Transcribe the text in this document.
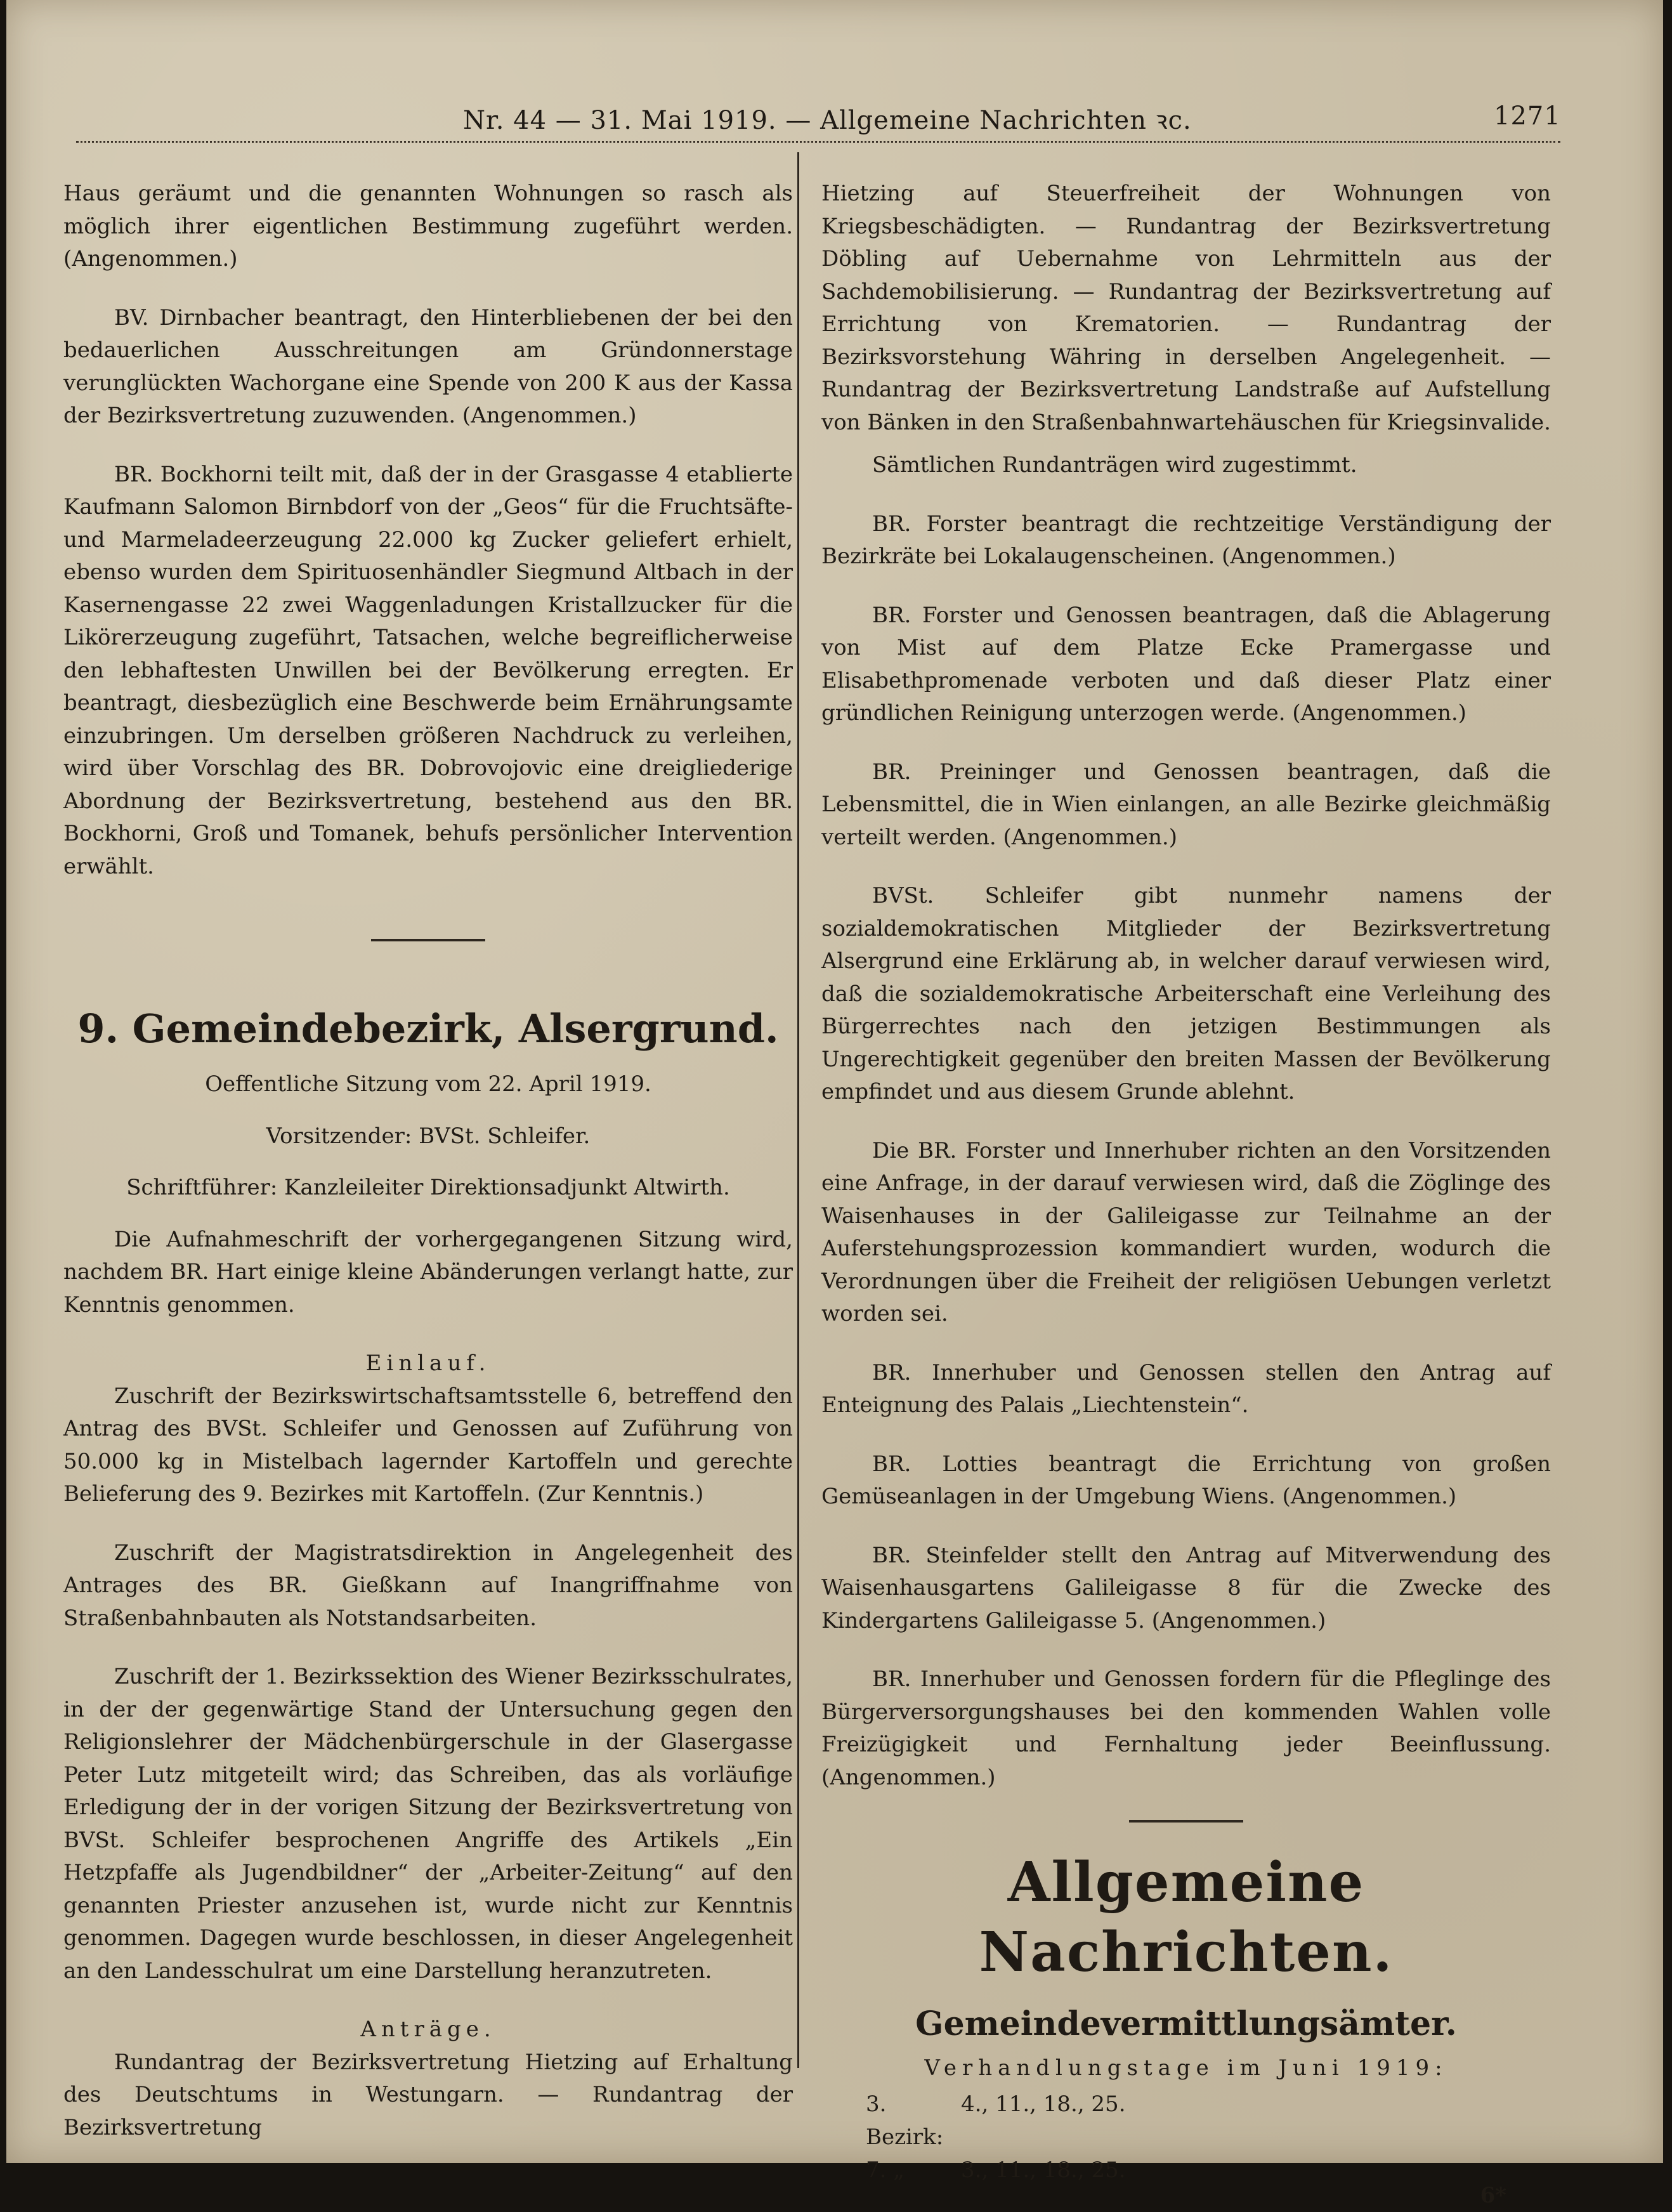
Nr. 44 — 31. Mai 1919. — Allgemeine Nachrichten ꝛc.	1271

Haus geräumt und die genannten Wohnungen so rasch als möglich ihrer eigentlichen Bestimmung zugeführt werden. (Angenommen.)

BV. Dirnbacher beantragt, den Hinterbliebenen der bei den bedauerlichen Ausschreitungen am Gründonnerstage verunglückten Wachorgane eine Spende von 200 K aus der Kassa der Bezirksvertretung zuzuwenden. (Angenommen.)

BR. Bockhorni teilt mit, daß der in der Grasgasse 4 etablierte Kaufmann Salomon Birnbdorf von der „Geos“ für die Fruchtsäfte- und Marmeladeerzeugung 22.000 kg Zucker geliefert erhielt, ebenso wurden dem Spirituosenhändler Siegmund Altbach in der Kasernengasse 22 zwei Waggenladungen Kristallzucker für die Likörerzeugung zugeführt, Tatsachen, welche begreiflicherweise den lebhaftesten Unwillen bei der Bevölkerung erregten. Er beantragt, diesbezüglich eine Beschwerde beim Ernährungsamte einzubringen. Um derselben größeren Nachdruck zu verleihen, wird über Vorschlag des BR. Dobrovojovic eine dreigliederige Abordnung der Bezirksvertretung, bestehend aus den BR. Bockhorni, Groß und Tomanek, behufs persönlicher Intervention erwählt.

9. Gemeindebezirk, Alsergrund.
Oeffentliche Sitzung vom 22. April 1919.
Vorsitzender: BVSt. Schleifer.
Schriftführer: Kanzleileiter Direktionsadjunkt Altwirth.

Die Aufnahmeschrift der vorhergegangenen Sitzung wird, nachdem BR. Hart einige kleine Abänderungen verlangt hatte, zur Kenntnis genommen.

Einlauf.

Zuschrift der Bezirkswirtschaftsamtsstelle 6, betreffend den Antrag des BVSt. Schleifer und Genossen auf Zuführung von 50.000 kg in Mistelbach lagernder Kartoffeln und gerechte Belieferung des 9. Bezirkes mit Kartoffeln. (Zur Kenntnis.)

Zuschrift der Magistratsdirektion in Angelegenheit des Antrages des BR. Gießkann auf Inangriffnahme von Straßenbahnbauten als Notstandsarbeiten.

Zuschrift der 1. Bezirkssektion des Wiener Bezirksschulrates, in der der gegenwärtige Stand der Untersuchung gegen den Religionslehrer der Mädchenbürgerschule in der Glasergasse Peter Lutz mitgeteilt wird; das Schreiben, das als vorläufige Erledigung der in der vorigen Sitzung der Bezirksvertretung von BVSt. Schleifer besprochenen Angriffe des Artikels „Ein Hetzpfaffe als Jugendbildner“ der „Arbeiter-Zeitung“ auf den genannten Priester anzusehen ist, wurde nicht zur Kenntnis genommen. Dagegen wurde beschlossen, in dieser Angelegenheit an den Landesschulrat um eine Darstellung heranzutreten.

Anträge.

Rundantrag der Bezirksvertretung Hietzing auf Erhaltung des Deutschtums in Westungarn. — Rundantrag der Bezirksvertretung

Hietzing auf Steuerfreiheit der Wohnungen von Kriegsbeschädigten. — Rundantrag der Bezirksvertretung Döbling auf Uebernahme von Lehrmitteln aus der Sachdemobilisierung. — Rundantrag der Bezirksvertretung auf Errichtung von Krematorien. — Rundantrag der Bezirksvorstehung Währing in derselben Angelegenheit. — Rundantrag der Bezirksvertretung Landstraße auf Aufstellung von Bänken in den Straßenbahnwartehäuschen für Kriegsinvalide.

Sämtlichen Rundanträgen wird zugestimmt.

BR. Forster beantragt die rechtzeitige Verständigung der Bezirkräte bei Lokalaugenscheinen. (Angenommen.)

BR. Forster und Genossen beantragen, daß die Ablagerung von Mist auf dem Platze Ecke Pramergasse und Elisabethpromenade verboten und daß dieser Platz einer gründlichen Reinigung unterzogen werde. (Angenommen.)

BR. Preininger und Genossen beantragen, daß die Lebensmittel, die in Wien einlangen, an alle Bezirke gleichmäßig verteilt werden. (Angenommen.)

BVSt. Schleifer gibt nunmehr namens der sozialdemokratischen Mitglieder der Bezirksvertretung Alsergrund eine Erklärung ab, in welcher darauf verwiesen wird, daß die sozialdemokratische Arbeiterschaft eine Verleihung des Bürgerrechtes nach den jetzigen Bestimmungen als Ungerechtigkeit gegenüber den breiten Massen der Bevölkerung empfindet und aus diesem Grunde ablehnt.

Die BR. Forster und Innerhuber richten an den Vorsitzenden eine Anfrage, in der darauf verwiesen wird, daß die Zöglinge des Waisenhauses in der Galileigasse zur Teilnahme an der Auferstehungsprozession kommandiert wurden, wodurch die Verordnungen über die Freiheit der religiösen Uebungen verletzt worden sei.

BR. Innerhuber und Genossen stellen den Antrag auf Enteignung des Palais „Liechtenstein“.

BR. Lotties beantragt die Errichtung von großen Gemüseanlagen in der Umgebung Wiens. (Angenommen.)

BR. Steinfelder stellt den Antrag auf Mitverwendung des Waisenhausgartens Galileigasse 8 für die Zwecke des Kindergartens Galileigasse 5. (Angenommen.)

BR. Innerhuber und Genossen fordern für die Pfleglinge des Bürgerversorgungshauses bei den kommenden Wahlen volle Freizügigkeit und Fernhaltung jeder Beeinflussung. (Angenommen.)

Allgemeine Nachrichten.
Gemeindevermittlungsämter.
Verhandlungstage im Juni 1919:
3. Bezirk:
4., 11., 18., 25.
7. „	3., 11., 18., 25.
6*
